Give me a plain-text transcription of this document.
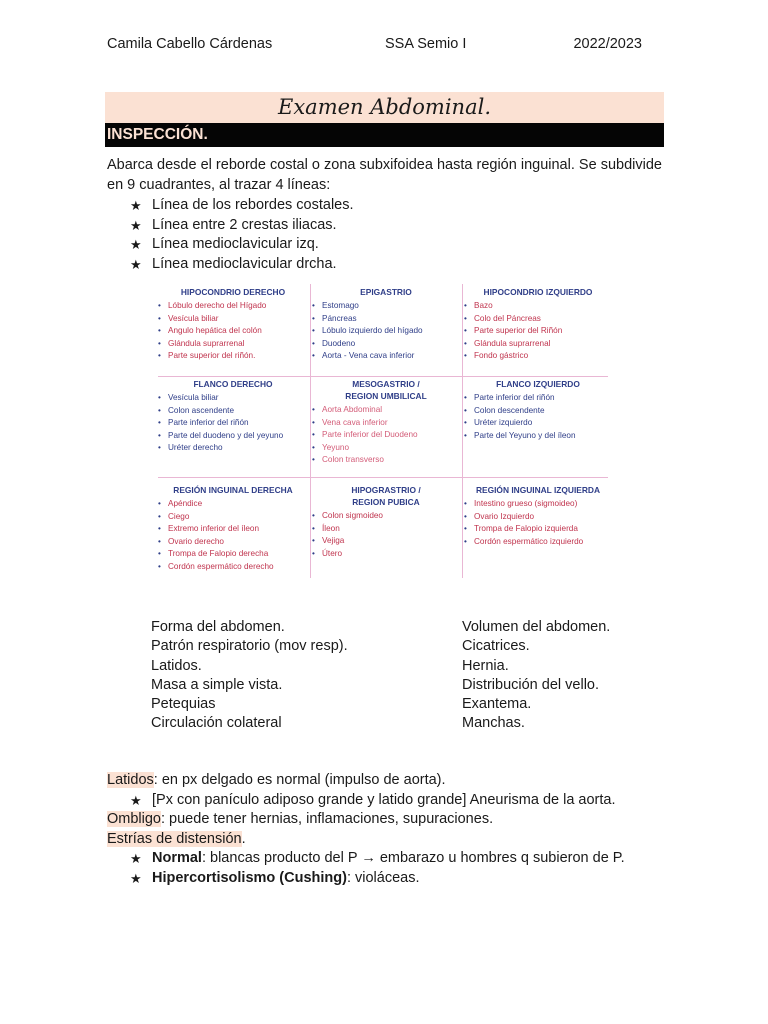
Camila Cabello Cárdenas	SSA Semio I	2022/2023
Examen Abdominal.
INSPECCIÓN.
Abarca desde el reborde costal o zona subxifoidea hasta región inguinal. Se subdivide en 9 cuadrantes, al trazar 4 líneas:
★ Línea de los rebordes costales.
★ Línea entre 2 crestas iliacas.
★ Línea medioclavicular izq.
★ Línea medioclavicular drcha.
HIPOCONDRIO DERECHO
• Lóbulo derecho del Hígado
• Vesícula biliar
• Angulo hepática del colón
• Glándula suprarrenal
• Parte superior del riñón.
EPIGASTRIO
• Estomago
• Páncreas
• Lóbulo izquierdo del hígado
• Duodeno
• Aorta - Vena cava inferior
HIPOCONDRIO IZQUIERDO
• Bazo
• Colo del Páncreas
• Parte superior del Riñón
• Glándula suprarrenal
• Fondo gástrico
FLANCO DERECHO
• Vesícula biliar
• Colon ascendente
• Parte inferior del riñón
• Parte del duodeno y del yeyuno
• Uréter derecho
MESOGASTRIO /
REGION UMBILICAL
• Aorta Abdominal
• Vena cava inferior
• Parte inferior del Duodeno
• Yeyuno
• Colon transverso
FLANCO IZQUIERDO
• Parte inferior del riñón
• Colon descendente
• Uréter izquierdo
• Parte del Yeyuno y del íleon
REGIÓN INGUINAL DERECHA
• Apéndice
• Ciego
• Extremo inferior del íleon
• Ovario derecho
• Trompa de Falopio derecha
• Cordón espermático derecho
HIPOGRASTRIO /
REGION PUBICA
• Colon sigmoideo
• Íleon
• Vejiga
• Útero
REGIÓN INGUINAL IZQUIERDA
• Intestino grueso (sigmoideo)
• Ovario Izquierdo
• Trompa de Falopio izquierda
• Cordón espermático izquierdo
Forma del abdomen.
Patrón respiratorio (mov resp).
Latidos.
Masa a simple vista.
Petequias
Circulación colateral
Volumen del abdomen.
Cicatrices.
Hernia.
Distribución del vello.
Exantema.
Manchas.
Latidos: en px delgado es normal (impulso de aorta).
★ [Px con panículo adiposo grande y latido grande] Aneurisma de la aorta.
Ombligo: puede tener hernias, inflamaciones, supuraciones.
Estrías de distensión.
★ Normal: blancas producto del P → embarazo u hombres q subieron de P.
★ Hipercortisolismo (Cushing): violáceas.
